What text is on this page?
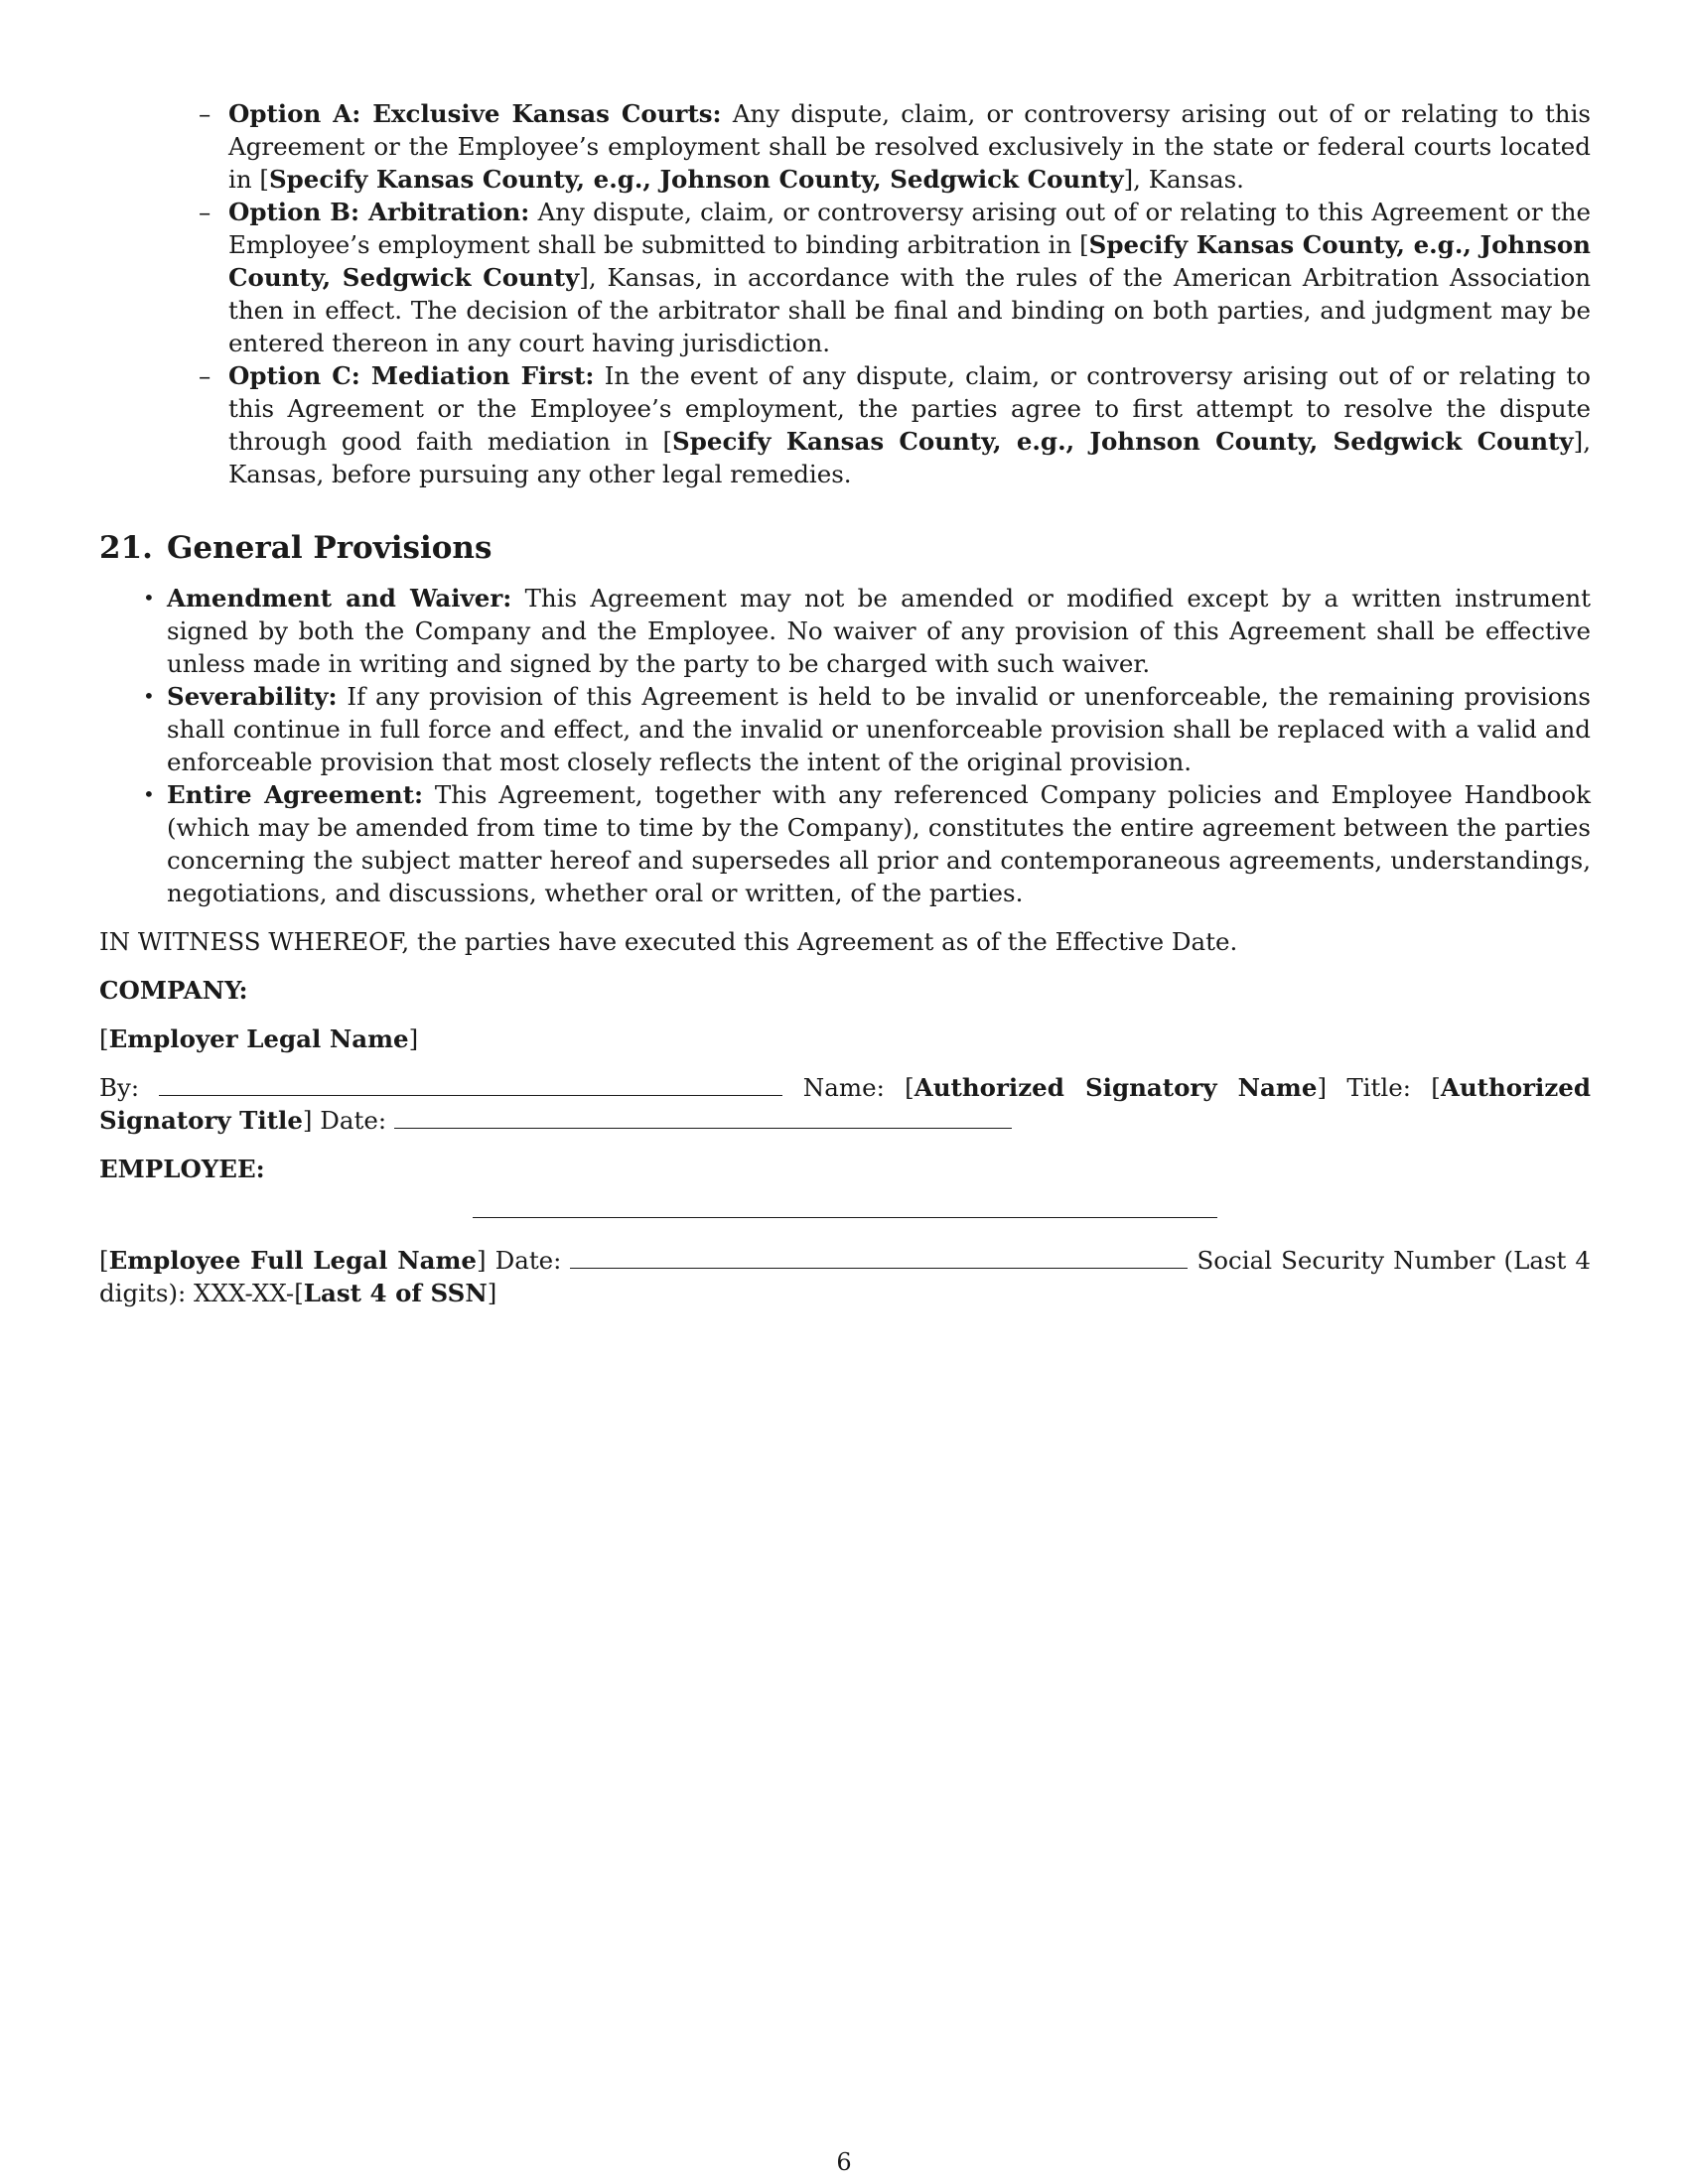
– Option A: Exclusive Kansas Courts: Any dispute, claim, or controversy arising out of or relating to this Agreement or the Employee’s employment shall be resolved exclusively in the state or federal courts located in [Specify Kansas County, e.g., Johnson County, Sedgwick County], Kansas.
– Option B: Arbitration: Any dispute, claim, or controversy arising out of or relating to this Agreement or the Employee’s employment shall be submitted to binding arbitration in [Specify Kansas County, e.g., Johnson County, Sedgwick County], Kansas, in accordance with the rules of the American Arbitration Association then in effect. The decision of the arbitrator shall be final and binding on both parties, and judgment may be entered thereon in any court having jurisdiction.
– Option C: Mediation First: In the event of any dispute, claim, or controversy arising out of or relating to this Agreement or the Employee’s employment, the parties agree to first attempt to resolve the dispute through good faith mediation in [Specify Kansas County, e.g., Johnson County, Sedgwick County], Kansas, before pursuing any other legal remedies.
21. General Provisions
• Amendment and Waiver: This Agreement may not be amended or modified except by a written instrument signed by both the Company and the Employee. No waiver of any provision of this Agreement shall be effective unless made in writing and signed by the party to be charged with such waiver.
• Severability: If any provision of this Agreement is held to be invalid or unenforceable, the remaining provisions shall continue in full force and effect, and the invalid or unenforceable provision shall be replaced with a valid and enforceable provision that most closely reflects the intent of the original provision.
• Entire Agreement: This Agreement, together with any referenced Company policies and Employee Handbook (which may be amended from time to time by the Company), constitutes the entire agreement between the parties concerning the subject matter hereof and supersedes all prior and contemporaneous agreements, understandings, negotiations, and discussions, whether oral or written, of the parties.

IN WITNESS WHEREOF, the parties have executed this Agreement as of the Effective Date.

COMPANY:

[Employer Legal Name]

By:	Name: [Authorized Signatory Name] Title: [Authorized Signatory Title] Date:

EMPLOYEE:

[Employee Full Legal Name] Date:	Social Security Number (Last 4 digits): XXX-XX-[Last 4 of SSN]

6
